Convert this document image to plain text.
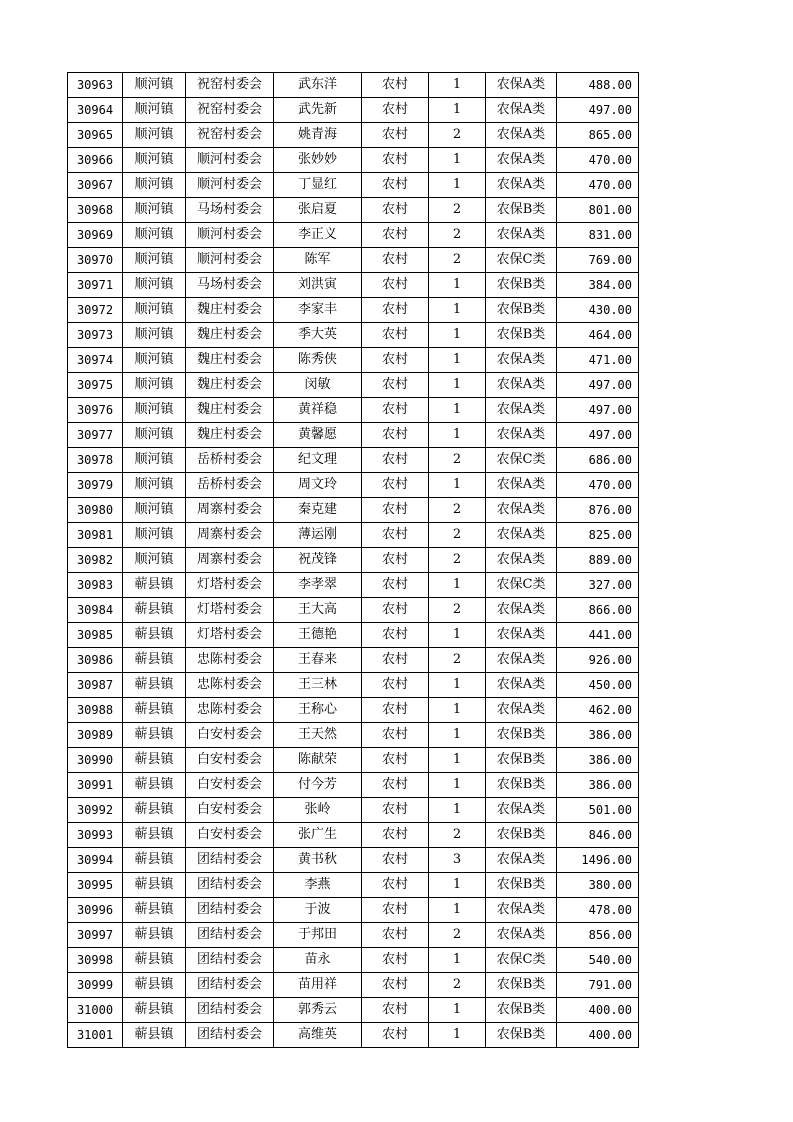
30963	顺河镇	祝窑村委会	武东洋	农村	1	农保A类	488.00
30964	顺河镇	祝窑村委会	武先新	农村	1	农保A类	497.00
30965	顺河镇	祝窑村委会	姚青海	农村	2	农保A类	865.00
30966	顺河镇	顺河村委会	张妙妙	农村	1	农保A类	470.00
30967	顺河镇	顺河村委会	丁显红	农村	1	农保A类	470.00
30968	顺河镇	马场村委会	张启夏	农村	2	农保B类	801.00
30969	顺河镇	顺河村委会	李正义	农村	2	农保A类	831.00
30970	顺河镇	顺河村委会	陈军	农村	2	农保C类	769.00
30971	顺河镇	马场村委会	刘洪寅	农村	1	农保B类	384.00
30972	顺河镇	魏庄村委会	李家丰	农村	1	农保B类	430.00
30973	顺河镇	魏庄村委会	季大英	农村	1	农保B类	464.00
30974	顺河镇	魏庄村委会	陈秀侠	农村	1	农保A类	471.00
30975	顺河镇	魏庄村委会	闵敏	农村	1	农保A类	497.00
30976	顺河镇	魏庄村委会	黄祥稳	农村	1	农保A类	497.00
30977	顺河镇	魏庄村委会	黄馨愿	农村	1	农保A类	497.00
30978	顺河镇	岳桥村委会	纪文理	农村	2	农保C类	686.00
30979	顺河镇	岳桥村委会	周文玲	农村	1	农保A类	470.00
30980	顺河镇	周寨村委会	秦克建	农村	2	农保A类	876.00
30981	顺河镇	周寨村委会	薄运刚	农村	2	农保A类	825.00
30982	顺河镇	周寨村委会	祝茂锋	农村	2	农保A类	889.00
30983	蕲县镇	灯塔村委会	李孝翠	农村	1	农保C类	327.00
30984	蕲县镇	灯塔村委会	王大高	农村	2	农保A类	866.00
30985	蕲县镇	灯塔村委会	王德艳	农村	1	农保A类	441.00
30986	蕲县镇	忠陈村委会	王春来	农村	2	农保A类	926.00
30987	蕲县镇	忠陈村委会	王三林	农村	1	农保A类	450.00
30988	蕲县镇	忠陈村委会	王称心	农村	1	农保A类	462.00
30989	蕲县镇	白安村委会	王天然	农村	1	农保B类	386.00
30990	蕲县镇	白安村委会	陈献荣	农村	1	农保B类	386.00
30991	蕲县镇	白安村委会	付今芳	农村	1	农保B类	386.00
30992	蕲县镇	白安村委会	张岭	农村	1	农保A类	501.00
30993	蕲县镇	白安村委会	张广生	农村	2	农保B类	846.00
30994	蕲县镇	团结村委会	黄书秋	农村	3	农保A类	1496.00
30995	蕲县镇	团结村委会	李燕	农村	1	农保B类	380.00
30996	蕲县镇	团结村委会	于波	农村	1	农保A类	478.00
30997	蕲县镇	团结村委会	于邦田	农村	2	农保A类	856.00
30998	蕲县镇	团结村委会	苗永	农村	1	农保C类	540.00
30999	蕲县镇	团结村委会	苗用祥	农村	2	农保B类	791.00
31000	蕲县镇	团结村委会	郭秀云	农村	1	农保B类	400.00
31001	蕲县镇	团结村委会	高维英	农村	1	农保B类	400.00
